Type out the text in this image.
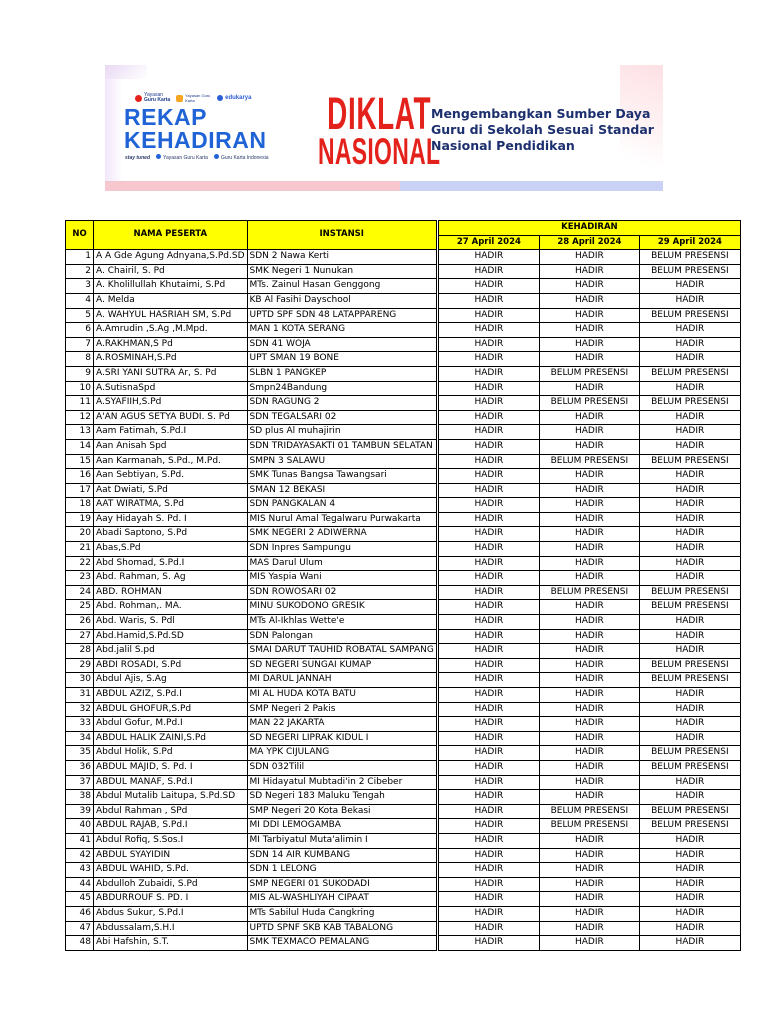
Yayasan
Guru Karta
Yayasan Guru Karta	edukarya
REKAP
KEHADIRAN
stay tuned	Yayasan Guru Karta	Guru Karta Indonesia
DIKLAT
NASIONAL
Mengembangkan Sumber Daya
Guru di Sekolah Sesuai Standar
Nasional Pendidikan
NO	NAMA PESERTA	INSTANSI	KEHADIRAN		
			27 April 2024	28 April 2024	29 April 2024
1	A A Gde Agung Adnyana,S.Pd.SD	SDN 2 Nawa Kerti	HADIR	HADIR	BELUM PRESENSI
2	A. Chairil, S. Pd	SMK Negeri 1 Nunukan	HADIR	HADIR	BELUM PRESENSI
3	A. Kholillullah Khutaimi, S.Pd	MTs. Zainul Hasan Genggong	HADIR	HADIR	HADIR
4	A. Melda	KB Al Fasihi Dayschool	HADIR	HADIR	HADIR
5	A. WAHYUL HASRIAH SM, S.Pd	UPTD SPF SDN 48 LATAPPARENG	HADIR	HADIR	BELUM PRESENSI
6	A.Amrudin ,S.Ag ,M.Mpd.	MAN 1 KOTA SERANG	HADIR	HADIR	HADIR
7	A.RAKHMAN,S Pd	SDN 41 WOJA	HADIR	HADIR	HADIR
8	A.ROSMINAH,S.Pd	UPT SMAN 19 BONE	HADIR	HADIR	HADIR
9	A.SRI YANI SUTRA Ar, S. Pd	SLBN 1 PANGKEP	HADIR	BELUM PRESENSI	BELUM PRESENSI
10	A.SutisnaSpd	Smpn24Bandung	HADIR	HADIR	HADIR
11	A.SYAFIIH,S.Pd	SDN RAGUNG 2	HADIR	BELUM PRESENSI	BELUM PRESENSI
12	A'AN AGUS SETYA BUDI. S. Pd	SDN TEGALSARI 02	HADIR	HADIR	HADIR
13	Aam Fatimah, S.Pd.I	SD plus Al muhajirin	HADIR	HADIR	HADIR
14	Aan Anisah Spd	SDN TRIDAYASAKTI 01 TAMBUN SELATAN	HADIR	HADIR	HADIR
15	Aan Karmanah, S.Pd., M.Pd.	SMPN 3 SALAWU	HADIR	BELUM PRESENSI	BELUM PRESENSI
16	Aan Sebtiyan, S.Pd.	SMK Tunas Bangsa Tawangsari	HADIR	HADIR	HADIR
17	Aat Dwiati, S.Pd	SMAN 12 BEKASI	HADIR	HADIR	HADIR
18	AAT WIRATMA, S.Pd	SDN PANGKALAN 4	HADIR	HADIR	HADIR
19	Aay Hidayah S. Pd. I	MIS Nurul Amal Tegalwaru Purwakarta	HADIR	HADIR	HADIR
20	Abadi Saptono, S.Pd	SMK NEGERI 2 ADIWERNA	HADIR	HADIR	HADIR
21	Abas,S.Pd	SDN Inpres Sampungu	HADIR	HADIR	HADIR
22	Abd Shomad, S.Pd.I	MAS Darul Ulum	HADIR	HADIR	HADIR
23	Abd. Rahman, S. Ag	MIS Yaspia Wani	HADIR	HADIR	HADIR
24	ABD. ROHMAN	SDN ROWOSARI 02	HADIR	BELUM PRESENSI	BELUM PRESENSI
25	Abd. Rohman,. MA.	MINU SUKODONO GRESIK	HADIR	HADIR	BELUM PRESENSI
26	Abd. Waris, S. Pdl	MTs Al-Ikhlas Wette'e	HADIR	HADIR	HADIR
27	Abd.Hamid,S.Pd.SD	SDN Palongan	HADIR	HADIR	HADIR
28	Abd.jalil S.pd	SMAI DARUT TAUHID ROBATAL SAMPANG	HADIR	HADIR	HADIR
29	ABDI ROSADI, S.Pd	SD NEGERI SUNGAI KUMAP	HADIR	HADIR	BELUM PRESENSI
30	Abdul Ajis, S.Ag	MI DARUL JANNAH	HADIR	HADIR	BELUM PRESENSI
31	ABDUL AZIZ, S.Pd.I	MI AL HUDA KOTA BATU	HADIR	HADIR	HADIR
32	ABDUL GHOFUR,S.Pd	SMP Negeri 2 Pakis	HADIR	HADIR	HADIR
33	Abdul Gofur, M.Pd.I	MAN 22 JAKARTA	HADIR	HADIR	HADIR
34	ABDUL HALIK ZAINI,S.Pd	SD NEGERI LIPRAK KIDUL I	HADIR	HADIR	HADIR
35	Abdul Holik, S.Pd	MA YPK CIJULANG	HADIR	HADIR	BELUM PRESENSI
36	ABDUL MAJID, S. Pd. I	SDN 032Tilil	HADIR	HADIR	BELUM PRESENSI
37	ABDUL MANAF, S.Pd.I	MI Hidayatul Mubtadi'in 2 Cibeber	HADIR	HADIR	HADIR
38	Abdul Mutalib Laitupa, S.Pd.SD	SD Negeri 183 Maluku Tengah	HADIR	HADIR	HADIR
39	Abdul Rahman , SPd	SMP Negeri 20 Kota Bekasi	HADIR	BELUM PRESENSI	BELUM PRESENSI
40	ABDUL RAJAB, S.Pd.I	MI DDI LEMOGAMBA	HADIR	BELUM PRESENSI	BELUM PRESENSI
41	Abdul Rofiq, S.Sos.I	MI Tarbiyatul Muta'alimin I	HADIR	HADIR	HADIR
42	ABDUL SYAYIDIN	SDN 14 AIR KUMBANG	HADIR	HADIR	HADIR
43	ABDUL WAHID, S.Pd.	SDN 1 LELONG	HADIR	HADIR	HADIR
44	Abdulloh Zubaidi, S.Pd	SMP NEGERI 01 SUKODADI	HADIR	HADIR	HADIR
45	ABDURROUF S. PD. I	MIS AL-WASHLIYAH CIPAAT	HADIR	HADIR	HADIR
46	Abdus Sukur, S.Pd.I	MTs Sabilul Huda Cangkring	HADIR	HADIR	HADIR
47	Abdussalam,S.H.I	UPTD SPNF SKB KAB TABALONG	HADIR	HADIR	HADIR
48	Abi Hafshin, S.T.	SMK TEXMACO PEMALANG	HADIR	HADIR	HADIR
